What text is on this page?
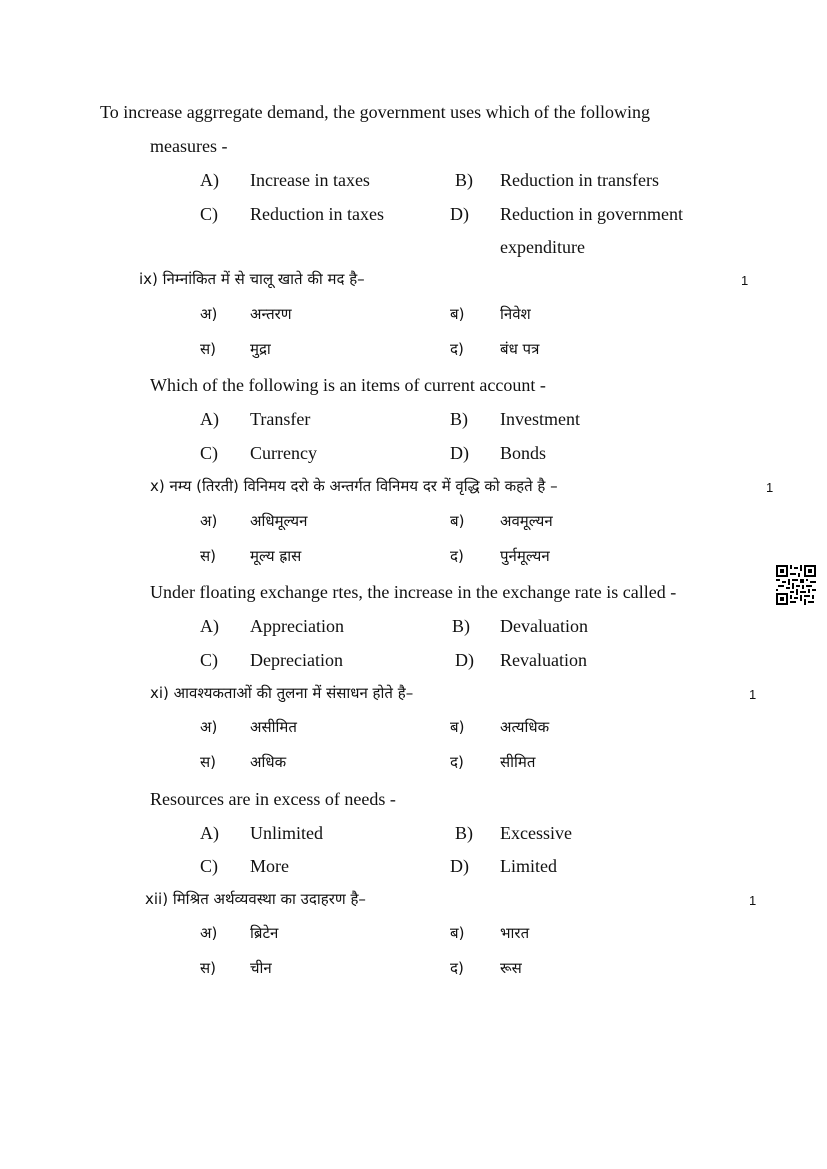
To increase aggrregate demand, the government uses which of the following
measures -
A) Increase in taxes	B) Reduction in transfers
C) Reduction in taxes	D) Reduction in government
expenditure
ix) निम्नांकित में से चालू खाते की मद है–	1
अ) अन्तरण	ब) निवेश
स) मुद्रा	द) बंध पत्र
Which of the following is an items of current account -
A) Transfer	B) Investment
C) Currency	D) Bonds
x) नम्य (तिरती) विनिमय दरो के अन्तर्गत विनिमय दर में वृद्धि को कहते है –	1
अ) अधिमूल्यन	ब) अवमूल्यन
स) मूल्य ह्रास	द) पुर्नमूल्यन
Under floating exchange rtes, the increase in the exchange rate is called -
A) Appreciation	B) Devaluation
C) Depreciation	D) Revaluation
xi) आवश्यकताओं की तुलना में संसाधन होते है–	1
अ) असीमित	ब) अत्यधिक
स) अधिक	द) सीमित
Resources are in excess of needs -
A) Unlimited	B) Excessive
C) More	D) Limited
xii) मिश्रित अर्थव्यवस्था का उदाहरण है–	1
अ) ब्रिटेन	ब) भारत
स) चीन	द) रूस
